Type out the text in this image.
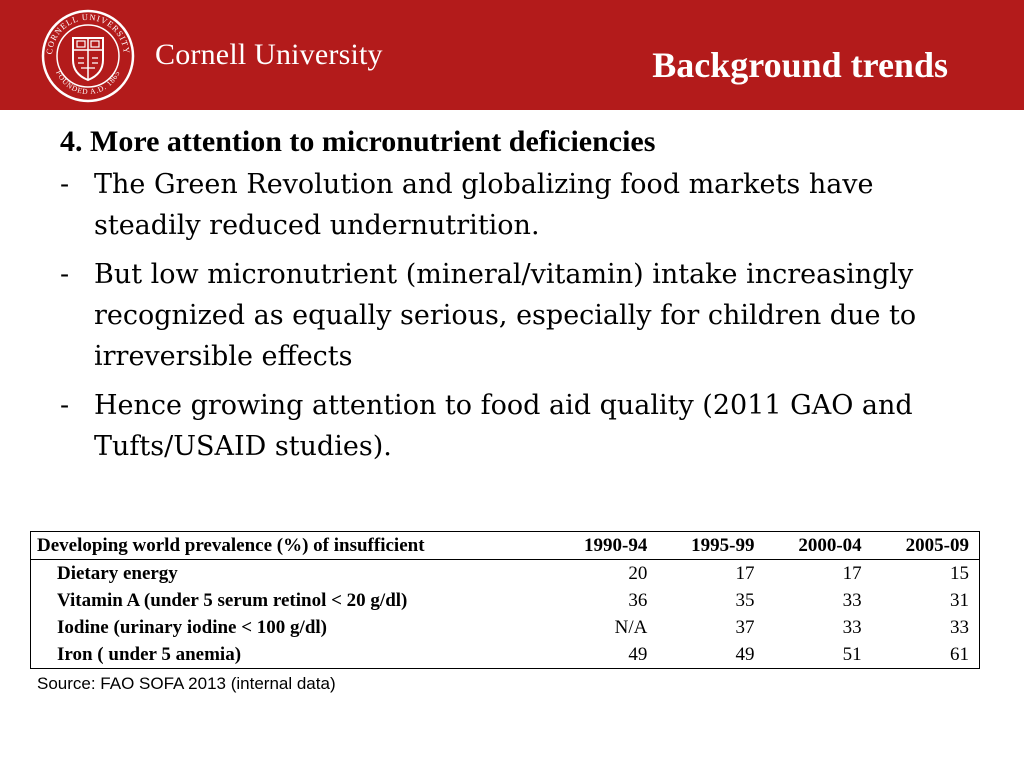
CORNELL UNIVERSITY
FOUNDED A.D. 1865
Cornell University	Background trends
4. More attention to micronutrient deficiencies
- The Green Revolution and globalizing food markets have steadily reduced undernutrition.
- But low micronutrient (mineral/vitamin) intake increasingly recognized as equally serious, especially for children due to irreversible effects
- Hence growing attention to food aid quality (2011 GAO and Tufts/USAID studies).
Developing world prevalence (%) of insufficient	1990-94	1995-99	2000-04	2005-09
Dietary energy	20	17	17	15
Vitamin A (under 5 serum retinol < 20 g/dl)	36	35	33	31
Iodine (urinary iodine < 100 g/dl)	N/A	37	33	33
Iron ( under 5 anemia)	49	49	51	61
Source: FAO SOFA 2013 (internal data)
